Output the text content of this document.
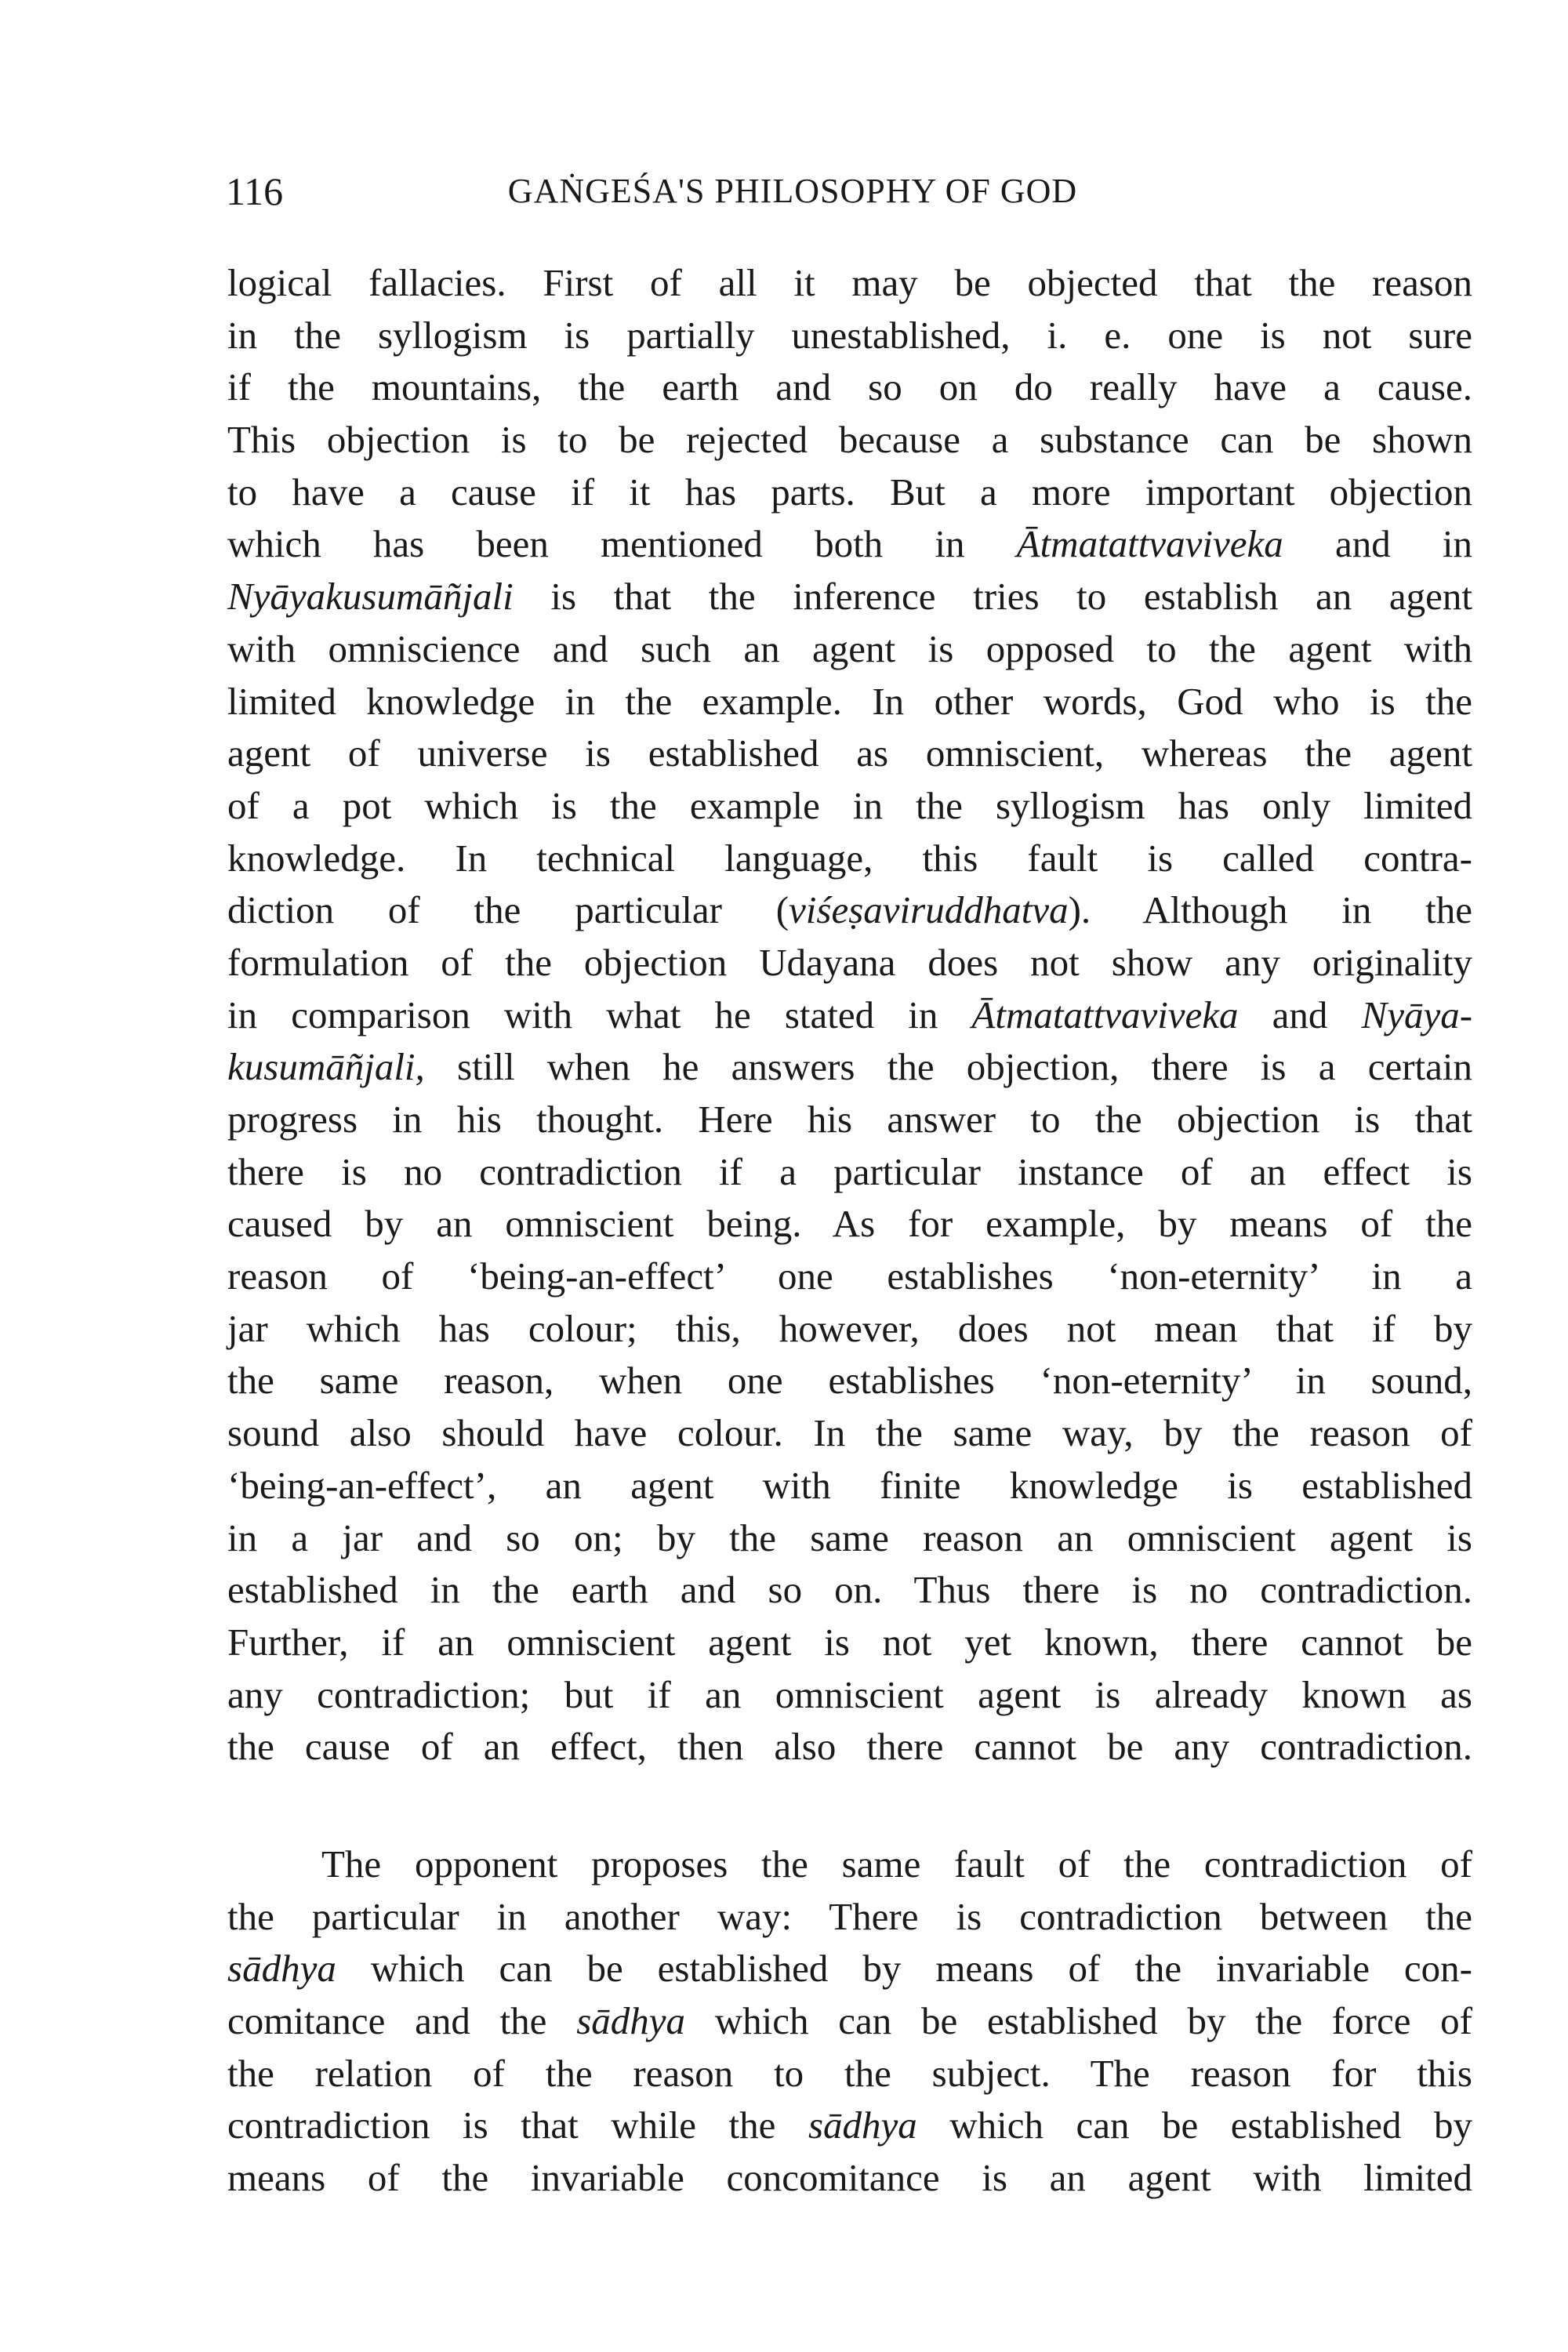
116	GAṄGEŚA'S PHILOSOPHY OF GOD
logical fallacies. First of all it may be objected that the reason
in the syllogism is partially unestablished, i. e. one is not sure
if the mountains, the earth and so on do really have a cause.
This objection is to be rejected because a substance can be shown
to have a cause if it has parts. But a more important objection
which has been mentioned both in Ātmatattvaviveka and in
Nyāyakusumāñjali is that the inference tries to establish an agent
with omniscience and such an agent is opposed to the agent with
limited knowledge in the example. In other words, God who is the
agent of universe is established as omniscient, whereas the agent
of a pot which is the example in the syllogism has only limited
knowledge. In technical language, this fault is called contra-
diction of the particular (viśeṣaviruddhatva). Although in the
formulation of the objection Udayana does not show any originality
in comparison with what he stated in Ātmatattvaviveka and Nyāya-
kusumāñjali, still when he answers the objection, there is a certain
progress in his thought. Here his answer to the objection is that
there is no contradiction if a particular instance of an effect is
caused by an omniscient being. As for example, by means of the
reason of ‘being-an-effect’ one establishes ‘non-eternity’ in a
jar which has colour; this, however, does not mean that if by
the same reason, when one establishes ‘non-eternity’ in sound,
sound also should have colour. In the same way, by the reason of
‘being-an-effect’, an agent with finite knowledge is established
in a jar and so on; by the same reason an omniscient agent is
established in the earth and so on. Thus there is no contradiction.
Further, if an omniscient agent is not yet known, there cannot be
any contradiction; but if an omniscient agent is already known as
the cause of an effect, then also there cannot be any contradiction.
The opponent proposes the same fault of the contradiction of
the particular in another way: There is contradiction between the
sādhya which can be established by means of the invariable con-
comitance and the sādhya which can be established by the force of
the relation of the reason to the subject. The reason for this
contradiction is that while the sādhya which can be established by
means of the invariable concomitance is an agent with limited
